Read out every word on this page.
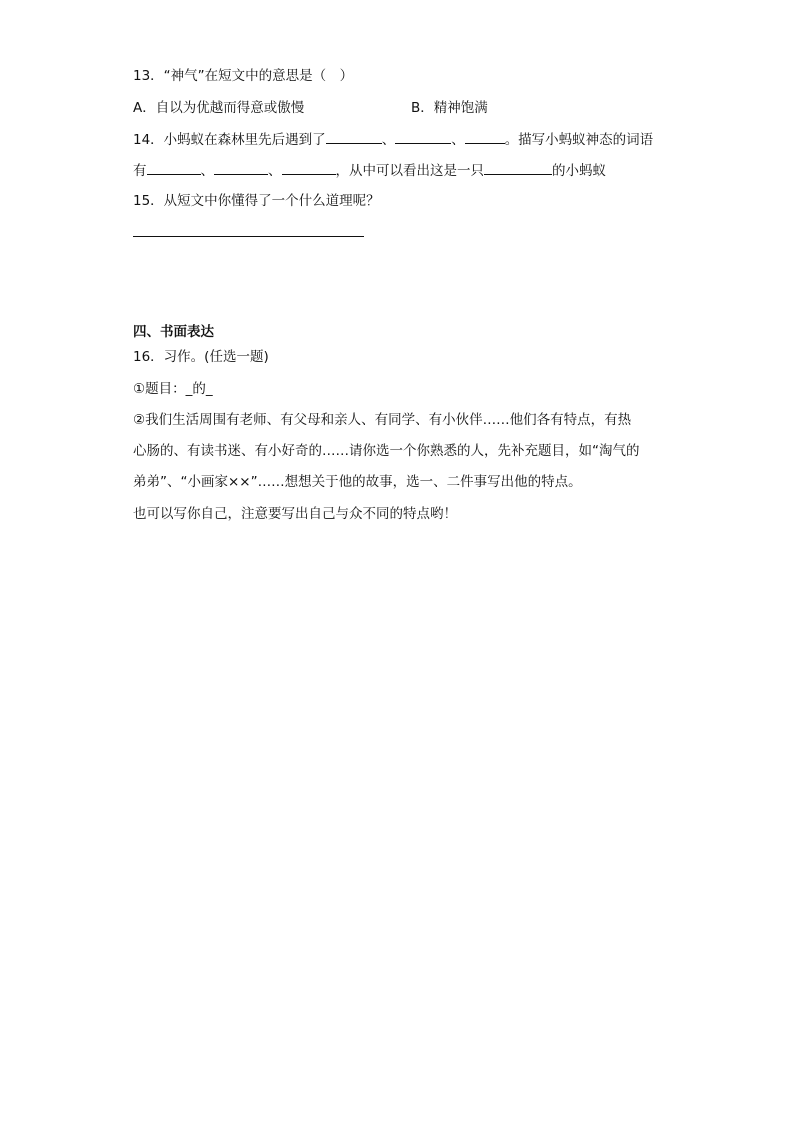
13．“神气”在短文中的意思是（　）
A．自以为优越而得意或傲慢	B．精神饱满
14．小蚂蚁在森林里先后遇到了	、	、	。描写小蚂蚁神态的词语
有	、	、	，从中可以看出这是一只	的小蚂蚁
15．从短文中你懂得了一个什么道理呢？
四、书面表达
16．习作。(任选一题)
①题目：_的_
②我们生活周围有老师、有父母和亲人、有同学、有小伙伴……他们各有特点，有热
心肠的、有读书迷、有小好奇的……请你选一个你熟悉的人，先补充题目，如“淘气的
弟弟”、“小画家××”……想想关于他的故事，选一、二件事写出他的特点。
也可以写你自己，注意要写出自己与众不同的特点哟！
